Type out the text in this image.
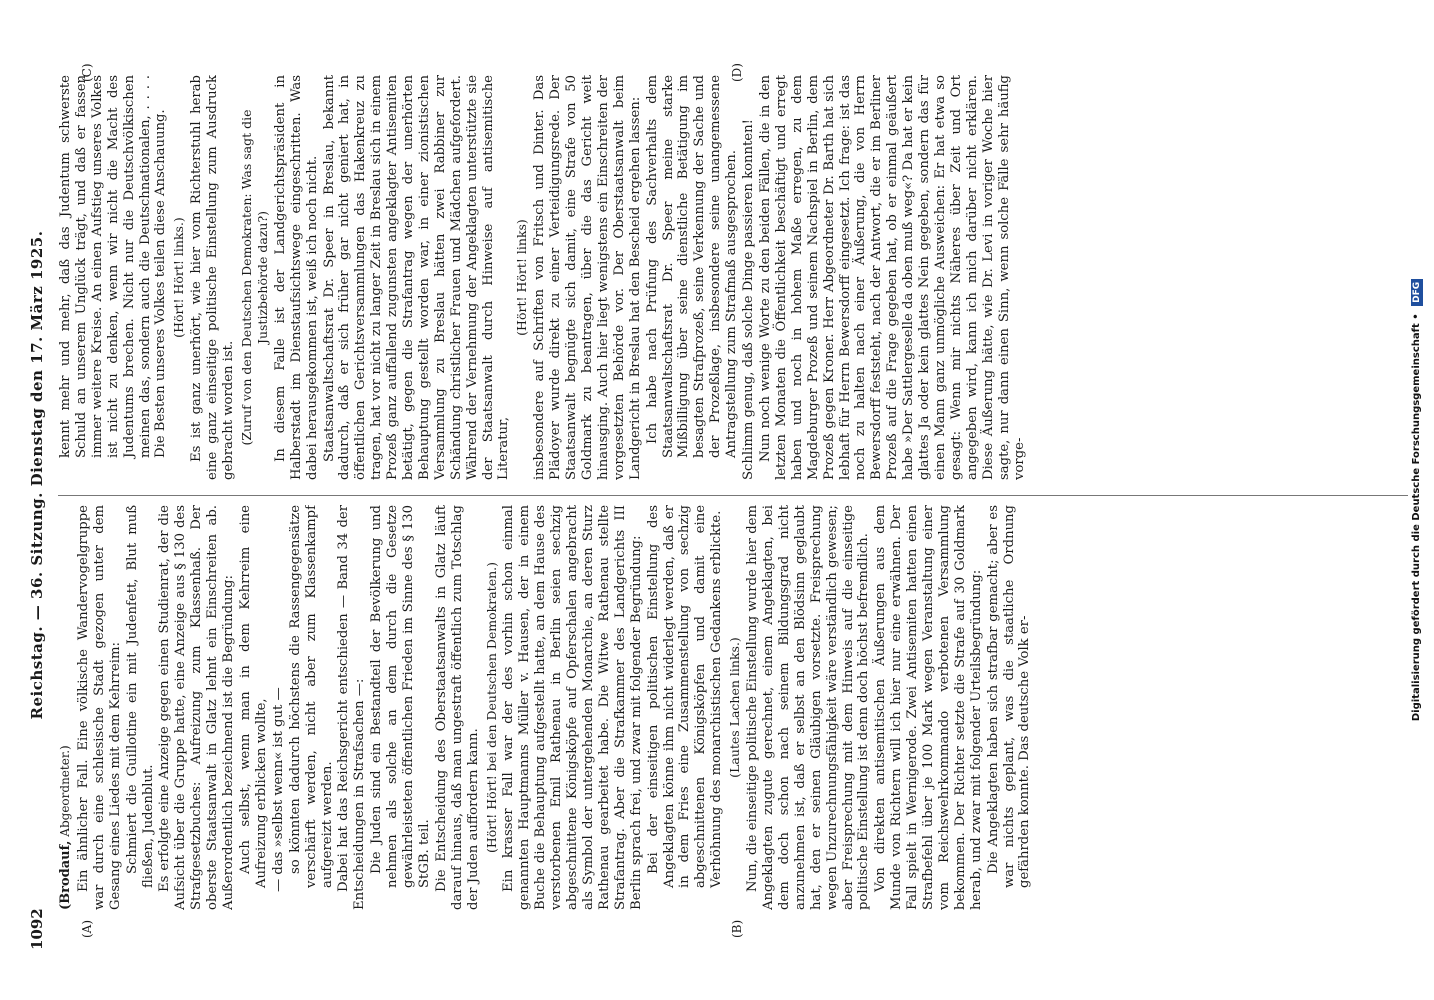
1092
Reichstag. — 36. Sitzung. Dienstag den 17. März 1925.
(A)	(B)
(C)	(D)
(Brodauf, Abgeordneter.) Ein ähnlicher Fall. Eine völkische Wandervogelgruppe war durch eine schlesische Stadt gezogen unter dem Gesang eines Liedes mit dem Kehrreim: Schmiert die Guillotine ein mit Judenfett, Blut muß fließen, Judenblut. Es erfolgte eine Anzeige gegen einen Studienrat, der die Aufsicht über die Gruppe hatte, eine Anzeige aus § 130 des Strafgesetzbuches: Aufreizung zum Klassenhaß. Der oberste Staatsanwalt in Glatz lehnt ein Einschreiten ab. Außerordentlich bezeichnend ist die Begründung: Auch selbst, wenn man in dem Kehrreim eine Aufreizung erblicken wollte, — das »selbst wenn« ist gut — so könnten dadurch höchstens die Rassengegensätze verschärft werden, nicht aber zum Klassenkampf aufgereizt werden. Dabei hat das Reichsgericht entschieden — Band 34 der Entscheidungen in Strafsachen —: Die Juden sind ein Bestandteil der Bevölkerung und nehmen als solche an dem durch die Gesetze gewährleisteten öffentlichen Frieden im Sinne des § 130 StGB. teil. Die Entscheidung des Oberstaatsanwalts in Glatz läuft darauf hinaus, daß man ungestraft öffentlich zum Totschlag der Juden auffordern kann. (Hört! Hört! bei den Deutschen Demokraten.) Ein krasser Fall war der des vorhin schon einmal genannten Hauptmanns Müller v. Hausen, der in einem Buche die Behauptung aufgestellt hatte, an dem Hause des verstorbenen Emil Rathenau in Berlin seien sechzig abgeschnittene Königsköpfe auf Opferschalen angebracht als Symbol der untergehenden Monarchie, an deren Sturz Rathenau gearbeitet habe. Die Witwe Rathenau stellte Strafantrag. Aber die Strafkammer des Landgerichts III Berlin sprach frei, und zwar mit folgender Begründung: Bei der einseitigen politischen Einstellung des Angeklagten könne ihm nicht widerlegt werden, daß er in dem Fries eine Zusammenstellung von sechzig abgeschnittenen Königsköpfen und damit eine Verhöhnung des monarchistischen Gedankens erblickte. (Lautes Lachen links.) Nun, die einseitige politische Einstellung wurde hier dem Angeklagten zugute gerechnet, einem Angeklagten, bei dem doch schon nach seinem Bildungsgrad nicht anzunehmen ist, daß er selbst an den Blödsinn geglaubt hat, den er seinen Gläubigen vorsetzte. Freisprechung wegen Unzurechnungsfähigkeit wäre verständlich gewesen; aber Freisprechung mit dem Hinweis auf die einseitige politische Einstellung ist denn doch höchst befremdlich. Von direkten antisemitischen Äußerungen aus dem Munde von Richtern will ich hier nur eine erwähnen. Der Fall spielt in Wernigerode. Zwei Antisemiten hatten einen Strafbefehl über je 100 Mark wegen Veranstaltung einer vom Reichswehrkommando verbotenen Versammlung bekommen. Der Richter setzte die Strafe auf 30 Goldmark herab, und zwar mit folgender Urteilsbegründung: Die Angeklagten haben sich strafbar gemacht; aber es war nichts geplant, was die staatliche Ordnung gefährden konnte. Das deutsche Volk er-

kennt mehr und mehr, daß das Judentum schwerste Schuld an unserem Unglück trägt, und daß er fassen immer weitere Kreise. An einen Aufstieg unseres Volkes ist nicht zu denken, wenn wir nicht die Macht des Judentums brechen. Nicht nur die Deutschvölkischen meinen das, sondern auch die Deutschnationalen, . . . . Die Besten unseres Volkes teilen diese Anschauung. (Hört! Hört! links.) Es ist ganz unerhört, wie hier vom Richterstuhl herab eine ganz einseitige politische Einstellung zum Ausdruck gebracht worden ist. (Zuruf von den Deutschen Demokraten: Was sagt die Justizbehörde dazu?) In diesem Falle ist der Landgerichtspräsident in Halberstadt im Dienstaufsichtswege eingeschritten. Was dabei herausgekommen ist, weiß ich noch nicht. Staatsanwaltschaftsrat Dr. Speer in Breslau, bekannt dadurch, daß er sich früher gar nicht geniert hat, in öffentlichen Gerichtsversammlungen das Hakenkreuz zu tragen, hat vor nicht zu langer Zeit in Breslau sich in einem Prozeß ganz auffallend zugunsten angeklagter Antisemiten betätigt, gegen die Strafantrag wegen der unerhörten Behauptung gestellt worden war, in einer zionistischen Versammlung zu Breslau hätten zwei Rabbiner zur Schändung christlicher Frauen und Mädchen aufgefordert. Während der Vernehmung der Angeklagten unterstützte sie der Staatsanwalt durch Hinweise auf antisemitische Literatur,

(Hört! Hört! links) insbesondere auf Schriften von Fritsch und Dinter. Das Plädoyer wurde direkt zu einer Verteidigungsrede. Der Staatsanwalt begnügte sich damit, eine Strafe von 50 Goldmark zu beantragen, über die das Gericht weit hinausging. Auch hier liegt wenigstens ein Einschreiten der vorgesetzten Behörde vor. Der Oberstaatsanwalt beim Landgericht in Breslau hat den Bescheid ergehen lassen: Ich habe nach Prüfung des Sachverhalts dem Staatsanwaltschaftsrat Dr. Speer meine starke Mißbilligung über seine dienstliche Betätigung im besagten Strafprozeß, seine Verkennung der Sache und der Prozeßlage, insbesondere seine unangemessene Antragstellung zum Strafmaß ausgesprochen. Schlimm genug, daß solche Dinge passieren konnten! Nun noch wenige Worte zu den beiden Fällen, die in den letzten Monaten die Öffentlichkeit beschäftigt und erregt haben und noch in hohem Maße erregen, zu dem Magdeburger Prozeß und seinem Nachspiel in Berlin, dem Prozeß gegen Kroner. Herr Abgeordneter Dr. Barth hat sich lebhaft für Herrn Bewersdorff eingesetzt. Ich frage: ist das noch zu halten nach einer Äußerung, die von Herrn Bewersdorff feststeht, nach der Antwort, die er im Berliner Prozeß auf die Frage gegeben hat, ob er einmal geäußert habe »Der Sattlergeselle da oben muß weg«? Da hat er kein glattes Ja oder kein glattes Nein gegeben, sondern das für einen Mann ganz unmögliche Ausweichen: Er hat etwa so gesagt: Wenn mir nichts Näheres über Zeit und Ort angegeben wird, kann ich mich darüber nicht erklären. Diese Äußerung hätte, wie Dr. Levi in voriger Woche hier sagte, nur dann einen Sinn, wenn solche Fälle sehr häufig vorge-	Digitalisierung gefördert durch die Deutsche Forschungsgemeinschaft • DFG
